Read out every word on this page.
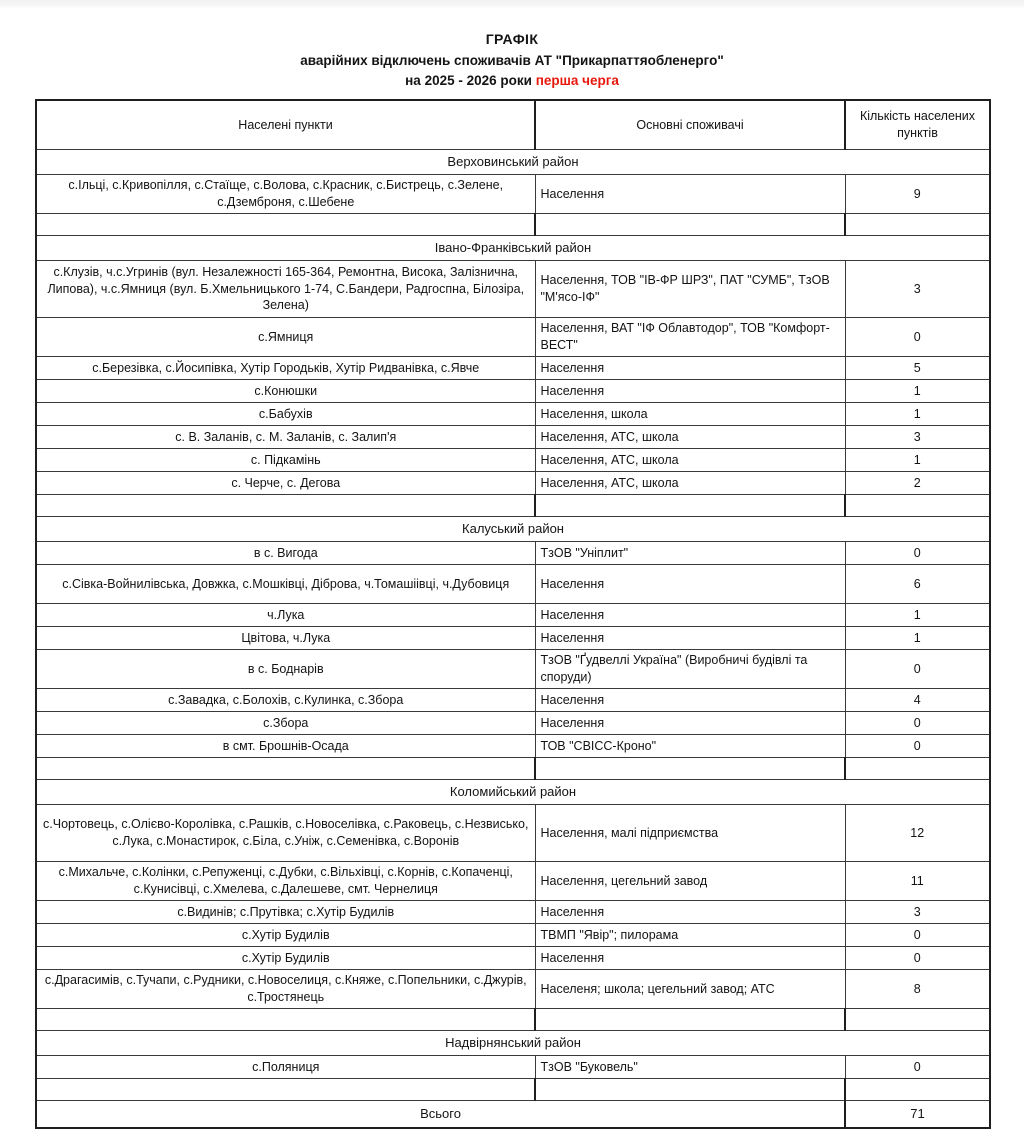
ГРАФІК
аварійних відключень споживачів АТ "Прикарпаттяобленерго"
на 2025 - 2026 роки перша черга
Населені пункти	Основні споживачі	Кількість населених пунктів
Верховинський район		
с.Ільці, с.Кривопілля, с.Стаїще, с.Волова, с.Красник, с.Бистрець, с.Зелене, с.Дземброня, с.Шебене	Населення	9

Івано-Франківський район		
с.Клузів, ч.с.Угринів (вул. Незалежності 165-364, Ремонтна, Висока, Залізнична, Липова), ч.с.Ямниця (вул. Б.Хмельницького 1-74, С.Бандери, Радгоспна, Білозіра, Зелена)	Населення, ТОВ "ІВ-ФР ШРЗ", ПАТ "СУМБ", ТзОВ "М'ясо-ІФ"	3
с.Ямниця	Населення, ВАТ "ІФ Облавтодор", ТОВ "Комфорт-ВЕСТ"	0
с.Березівка, с.Йосипівка, Хутір Городьків, Хутір Ридванівка, с.Явче	Населення	5
с.Конюшки	Населення	1
с.Бабухів	Населення, школа	1
с. В. Заланів, с. М. Заланів, с. Залип'я	Населення, АТС, школа	3
с. Підкамінь	Населення, АТС, школа	1
с. Черче, с. Дегова	Населення, АТС, школа	2

Калуський район		
в с. Вигода	ТзОВ "Уніплит"	0
с.Сівка-Войнилівська, Довжка, с.Мошківці, Діброва, ч.Томашіівці, ч.Дубовиця	Населення	6
ч.Лука	Населення	1
Цвітова, ч.Лука	Населення	1
в с. Боднарів	ТзОВ "Ґудвеллі Україна" (Виробничі будівлі та споруди)	0
с.Завадка, с.Болохів, с.Кулинка, с.Збора	Населення	4
с.Збора	Населення	0
в смт. Брошнів-Осада	ТОВ "СВІСС-Кроно"	0

Коломийський район		
с.Чортовець, с.Олієво-Королівка, с.Рашків, с.Новоселівка, с.Раковець, с.Незвисько, с.Лука, с.Монастирок, с.Біла, с.Уніж, с.Семенівка, с.Воронів	Населення, малі підприємства	12
с.Михальче, с.Колінки, с.Репуженці, с.Дубки, с.Вільхівці, с.Корнів, с.Копаченці, с.Кунисівці, с.Хмелева, с.Далешеве, смт. Чернелиця	Населення, цегельний завод	11
с.Видинів; с.Прутівка; с.Хутір Будилів	Населення	3
с.Хутір Будилів	ТВМП "Явір"; пилорама	0
с.Хутір Будилів	Населення	0
с.Драгасимів, с.Тучапи, с.Рудники, с.Новоселиця, с.Княже, с.Попельники, с.Джурів, с.Тростянець	Населеня; школа; цегельний завод; АТС	8

Надвірнянський район		
с.Поляниця	ТзОВ "Буковель"	0

Всього		71
